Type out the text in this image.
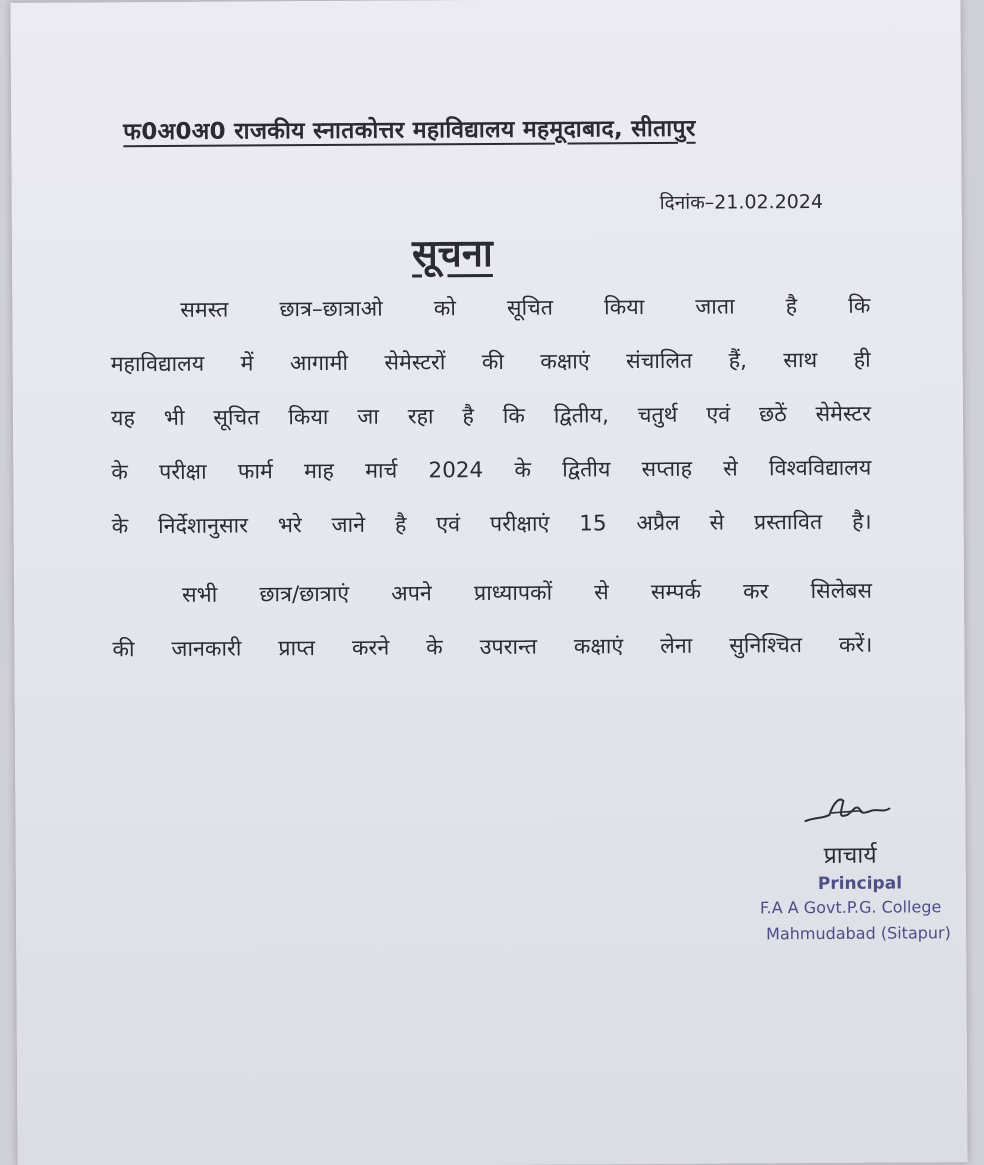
फ0अ0अ0 राजकीय स्नातकोत्तर महाविद्यालय महमूदाबाद, सीतापुर
दिनांक–21.02.2024
सूचना
समस्त छात्र–छात्राओ को सूचित किया जाता है कि
महाविद्यालय में आगामी सेमेस्टरों की कक्षाएं संचालित हैं, साथ ही
यह भी सूचित किया जा रहा है कि द्वितीय, चतुर्थ एवं छठें सेमेस्टर
के परीक्षा फार्म माह मार्च 2024 के द्वितीय सप्ताह से विश्वविद्यालय
के निर्देशानुसार भरे जाने है एवं परीक्षाएं 15 अप्रैल से प्रस्तावित है।
सभी छात्र/छात्राएं अपने प्राध्यापकों से सम्पर्क कर सिलेबस
की जानकारी प्राप्त करने के उपरान्त कक्षाएं लेना सुनिश्चित करें।
प्राचार्य
Principal
F.A A Govt.P.G. College
Mahmudabad (Sitapur)
